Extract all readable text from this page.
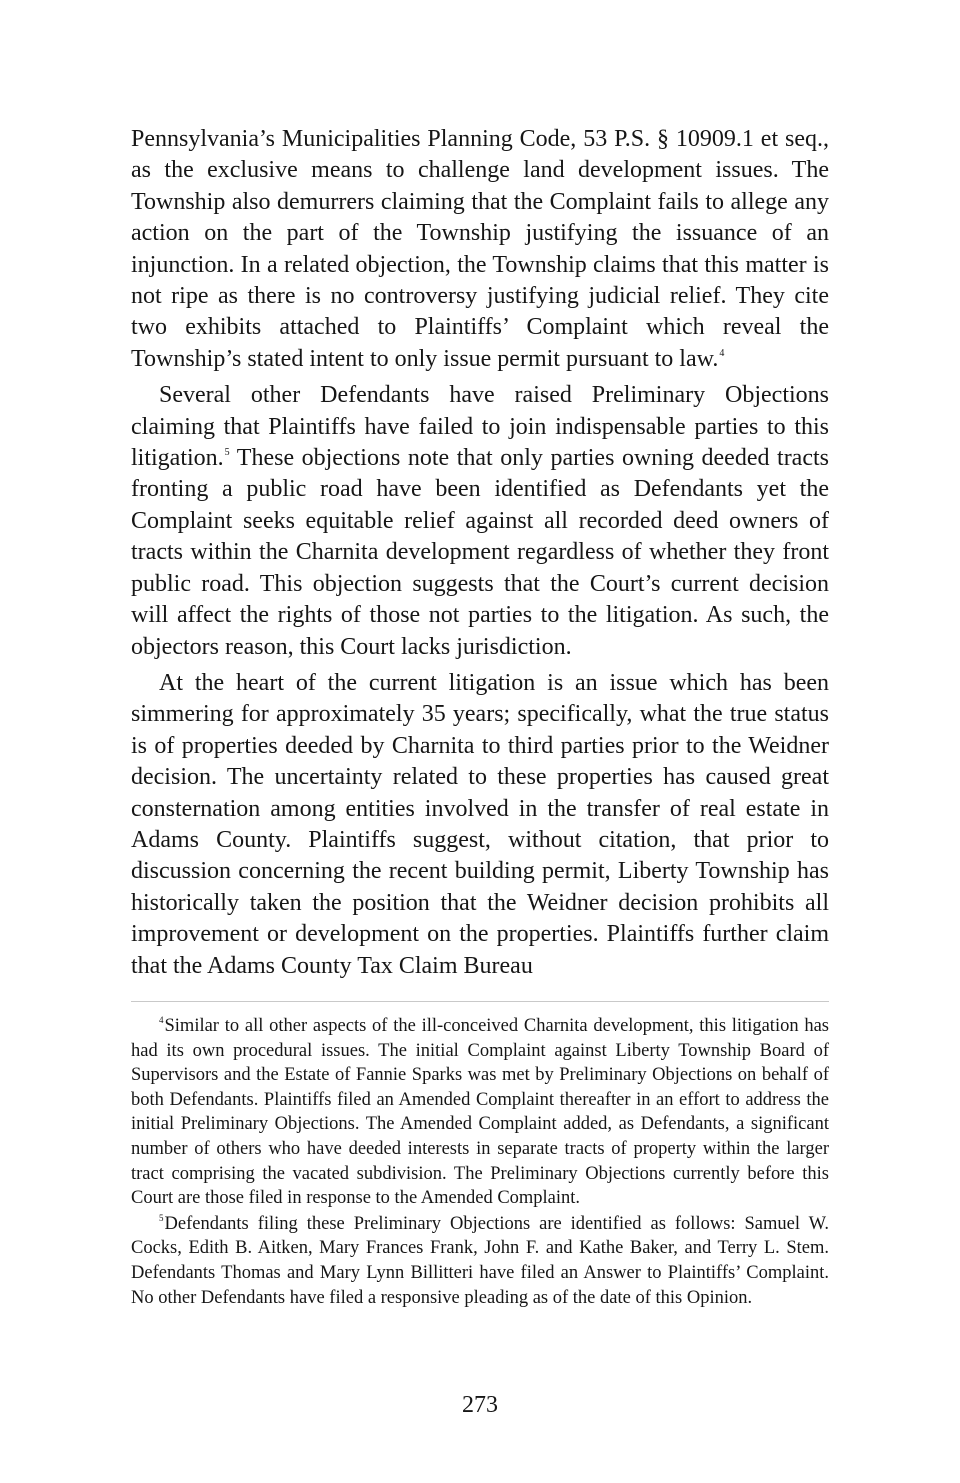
Pennsylvania’s Municipalities Planning Code, 53 P.S. § 10909.1 et seq., as the exclusive means to challenge land development issues. The Township also demurrers claiming that the Complaint fails to allege any action on the part of the Township justifying the issuance of an injunction. In a related objection, the Township claims that this matter is not ripe as there is no controversy justifying judicial relief. They cite two exhibits attached to Plaintiffs’ Complaint which reveal the Township’s stated intent to only issue permit pursuant to law.$^4$

Several other Defendants have raised Preliminary Objections claiming that Plaintiffs have failed to join indispensable parties to this litigation.$^5$ These objections note that only parties owning deeded tracts fronting a public road have been identified as Defendants yet the Complaint seeks equitable relief against all recorded deed owners of tracts within the Charnita development regardless of whether they front public road. This objection suggests that the Court’s current decision will affect the rights of those not parties to the litigation. As such, the objectors reason, this Court lacks jurisdiction.

At the heart of the current litigation is an issue which has been simmering for approximately 35 years; specifically, what the true status is of properties deeded by Charnita to third parties prior to the Weidner decision. The uncertainty related to these properties has caused great consternation among entities involved in the transfer of real estate in Adams County. Plaintiffs suggest, without citation, that prior to discussion concerning the recent building permit, Liberty Township has historically taken the position that the Weidner decision prohibits all improvement or development on the properties. Plaintiffs further claim that the Adams County Tax Claim Bureau

$^4$Similar to all other aspects of the ill-conceived Charnita development, this litigation has had its own procedural issues. The initial Complaint against Liberty Township Board of Supervisors and the Estate of Fannie Sparks was met by Preliminary Objections on behalf of both Defendants. Plaintiffs filed an Amended Complaint thereafter in an effort to address the initial Preliminary Objections. The Amended Complaint added, as Defendants, a significant number of others who have deeded interests in separate tracts of property within the larger tract comprising the vacated subdivision. The Preliminary Objections currently before this Court are those filed in response to the Amended Complaint.

$^5$Defendants filing these Preliminary Objections are identified as follows: Samuel W. Cocks, Edith B. Aitken, Mary Frances Frank, John F. and Kathe Baker, and Terry L. Stem. Defendants Thomas and Mary Lynn Billitteri have filed an Answer to Plaintiffs’ Complaint. No other Defendants have filed a responsive pleading as of the date of this Opinion.

273
